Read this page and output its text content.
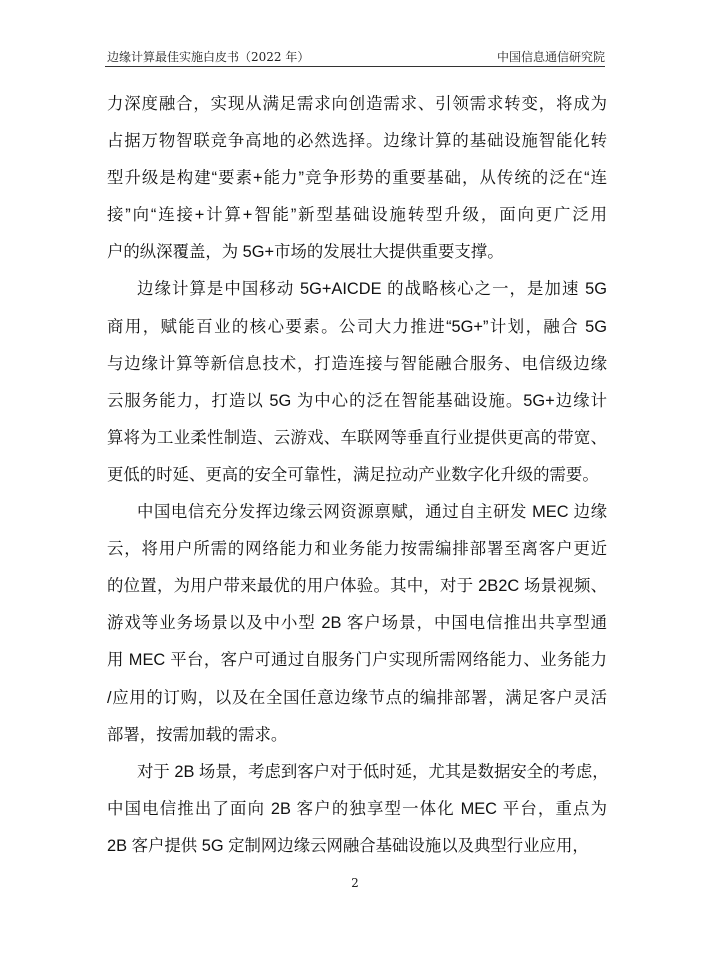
边缘计算最佳实施白皮书（2022 年）	中国信息通信研究院
力深度融合，实现从满足需求向创造需求、引领需求转变，将成为
占据万物智联竞争高地的必然选择。边缘计算的基础设施智能化转
型升级是构建“要素+能力”竞争形势的重要基础，从传统的泛在“连
接”向“连接+计算+智能”新型基础设施转型升级，面向更广泛用
户的纵深覆盖，为 5G+市场的发展壮大提供重要支撑。
边缘计算是中国移动 5G+AICDE 的战略核心之一，是加速 5G
商用，赋能百业的核心要素。公司大力推进“5G+”计划，融合 5G
与边缘计算等新信息技术，打造连接与智能融合服务、电信级边缘
云服务能力，打造以 5G 为中心的泛在智能基础设施。5G+边缘计
算将为工业柔性制造、云游戏、车联网等垂直行业提供更高的带宽、
更低的时延、更高的安全可靠性，满足拉动产业数字化升级的需要。
中国电信充分发挥边缘云网资源禀赋，通过自主研发 MEC 边缘
云，将用户所需的网络能力和业务能力按需编排部署至离客户更近
的位置，为用户带来最优的用户体验。其中，对于 2B2C 场景视频、
游戏等业务场景以及中小型 2B 客户场景，中国电信推出共享型通
用 MEC 平台，客户可通过自服务门户实现所需网络能力、业务能力
/应用的订购，以及在全国任意边缘节点的编排部署，满足客户灵活
部署，按需加载的需求。
对于 2B 场景，考虑到客户对于低时延，尤其是数据安全的考虑，
中国电信推出了面向 2B 客户的独享型一体化 MEC 平台，重点为
2B 客户提供 5G 定制网边缘云网融合基础设施以及典型行业应用，
2
